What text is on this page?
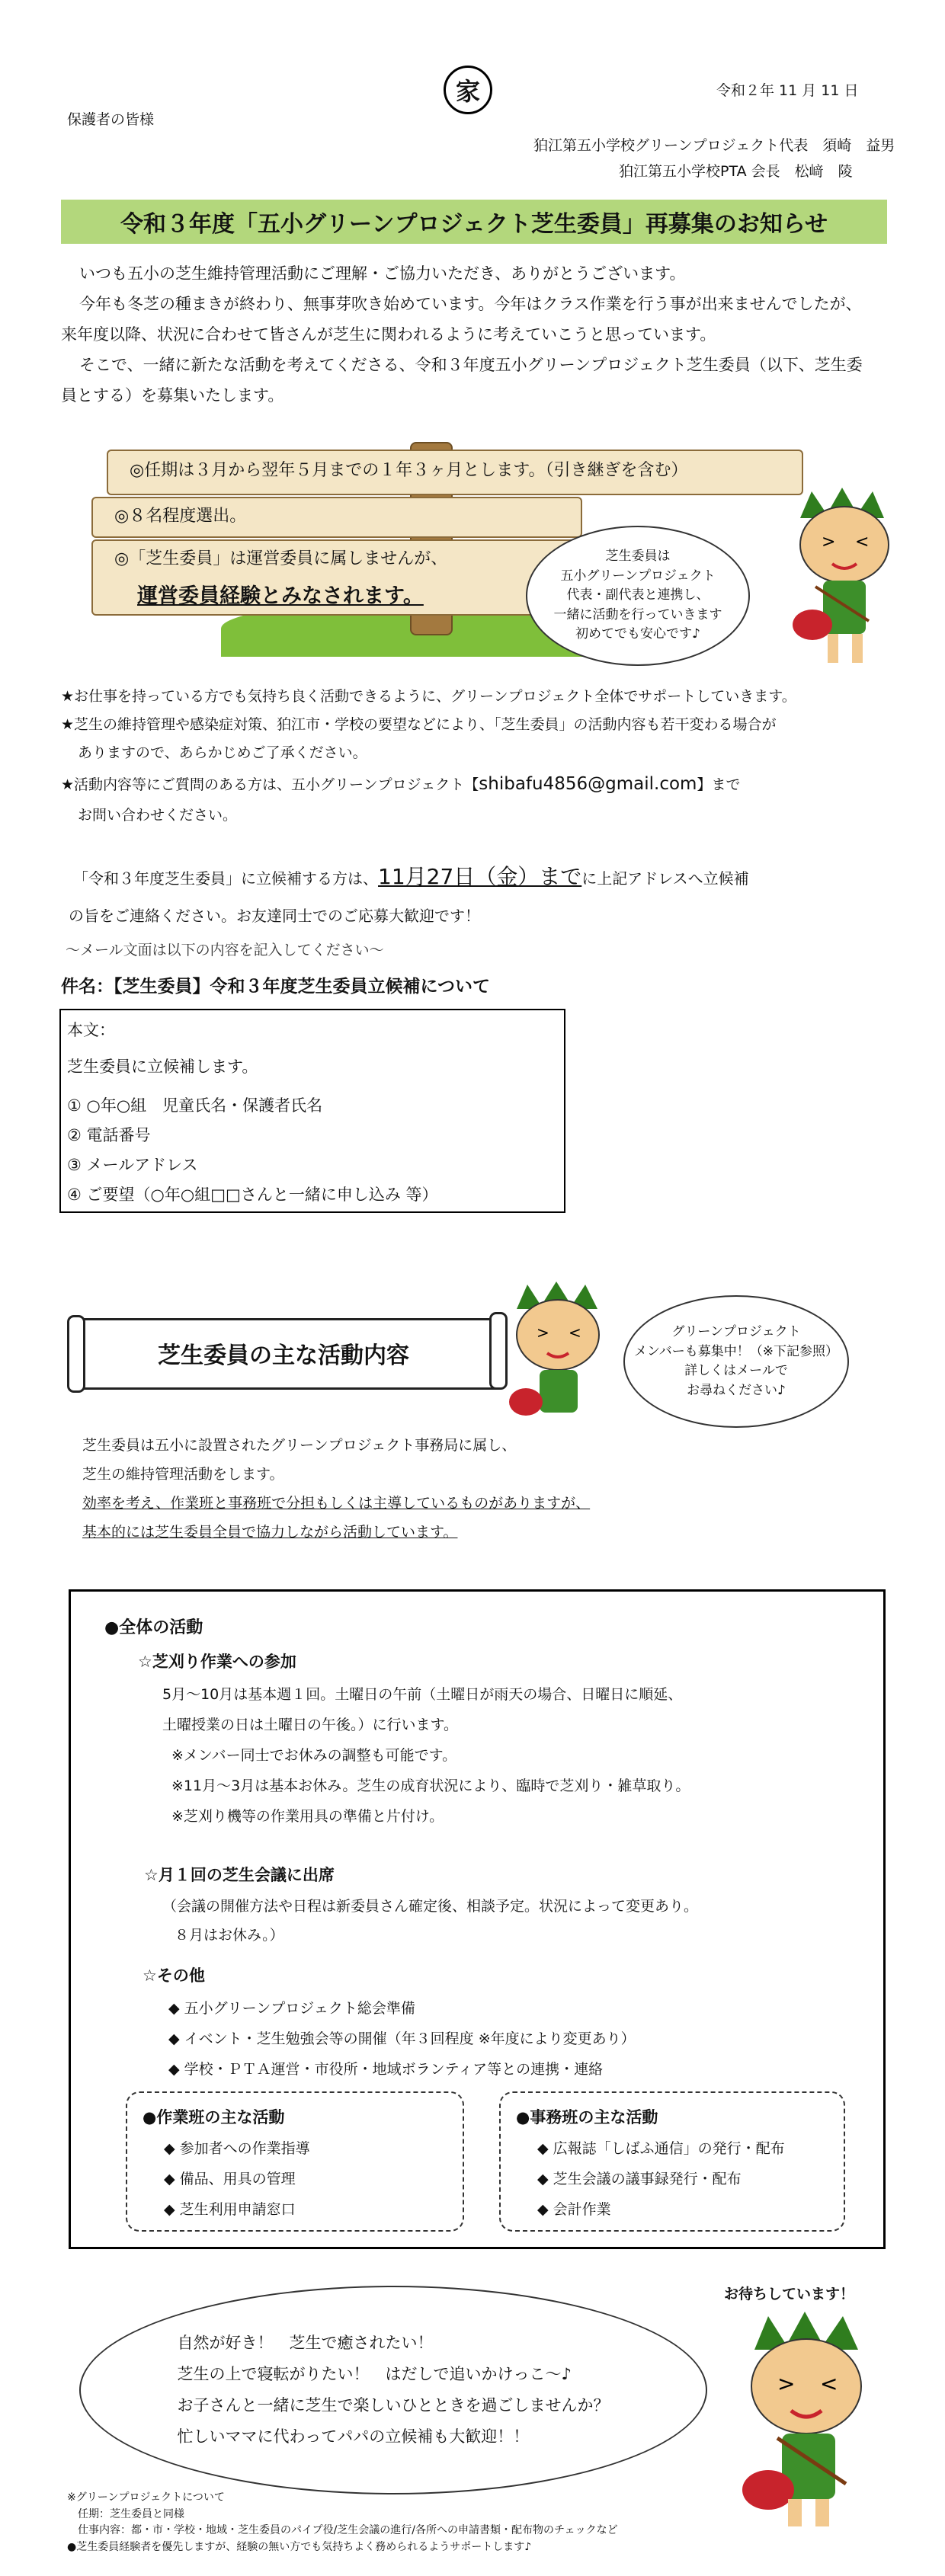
家	令和２年 11 月 11 日
保護者の皆様
狛江第五小学校グリーンプロジェクト代表　須崎　益男
狛江第五小学校PTA 会長　松﨑　陵
令和３年度「五小グリーンプロジェクト芝生委員」再募集のお知らせ
いつも五小の芝生維持管理活動にご理解・ご協力いただき、ありがとうございます。
今年も冬芝の種まきが終わり、無事芽吹き始めています。今年はクラス作業を行う事が出来ませんでしたが、
来年度以降、状況に合わせて皆さんが芝生に関われるように考えていこうと思っています。
そこで、一緒に新たな活動を考えてくださる、令和３年度五小グリーンプロジェクト芝生委員（以下、芝生委
員とする）を募集いたします。
◎任期は３月から翌年５月までの１年３ヶ月とします。（引き継ぎを含む）
◎８名程度選出。
◎「芝生委員」は運営委員に属しませんが、
運営委員経験とみなされます。
芝生委員は
五小グリーンプロジェクト
代表・副代表と連携し、
一緒に活動を行っていきます
初めてでも安心です♪
> <
★お仕事を持っている方でも気持ち良く活動できるように、グリーンプロジェクト全体でサポートしていきます。
★芝生の維持管理や感染症対策、狛江市・学校の要望などにより、「芝生委員」の活動内容も若干変わる場合が
ありますので、あらかじめご了承ください。
★活動内容等にご質問のある方は、五小グリーンプロジェクト【shibafu4856@gmail.com】まで
お問い合わせください。
「令和３年度芝生委員」に立候補する方は、11月27日（金）までに上記アドレスへ立候補
の旨をご連絡ください。お友達同士でのご応募大歓迎です！
～メール文面は以下の内容を記入してください～
件名：【芝生委員】令和３年度芝生委員立候補について
本文：
芝生委員に立候補します。
① ○年○組　児童氏名・保護者氏名
② 電話番号
③ メールアドレス
④ ご要望（○年○組□□さんと一緒に申し込み 等）
芝生委員の主な活動内容
> <	グリーンプロジェクト
メンバーも募集中！（※下記参照）
詳しくはメールで
お尋ねください♪
芝生委員は五小に設置されたグリーンプロジェクト事務局に属し、
芝生の維持管理活動をします。
効率を考え、作業班と事務班で分担もしくは主導しているものがありますが、
基本的には芝生委員全員で協力しながら活動しています。
●全体の活動
☆芝刈り作業への参加
5月～10月は基本週１回。土曜日の午前（土曜日が雨天の場合、日曜日に順延、
土曜授業の日は土曜日の午後。）に行います。
※メンバー同士でお休みの調整も可能です。
※11月～3月は基本お休み。芝生の成育状況により、臨時で芝刈り・雑草取り。
※芝刈り機等の作業用具の準備と片付け。
☆月１回の芝生会議に出席
（会議の開催方法や日程は新委員さん確定後、相談予定。状況によって変更あり。
８月はお休み。）
☆その他
◆ 五小グリーンプロジェクト総会準備
◆ イベント・芝生勉強会等の開催（年３回程度 ※年度により変更あり）
◆ 学校・ＰＴＡ運営・市役所・地域ボランティア等との連携・連絡
●作業班の主な活動
◆ 参加者への作業指導
◆ 備品、用具の管理
◆ 芝生利用申請窓口
●事務班の主な活動
◆ 広報誌「しばふ通信」の発行・配布
◆ 芝生会議の議事録発行・配布
◆ 会計作業
お待ちしています！
自然が好き！　芝生で癒されたい！
芝生の上で寝転がりたい！　はだしで追いかけっこ～♪
お子さんと一緒に芝生で楽しいひとときを過ごしませんか？
忙しいママに代わってパパの立候補も大歓迎！！
> <
※グリーンプロジェクトについて
任期：芝生委員と同様
仕事内容：都・市・学校・地域・芝生委員のパイプ役/芝生会議の進行/各所への申請書類・配布物のチェックなど
●芝生委員経験者を優先しますが、経験の無い方でも気持ちよく務められるようサポートします♪
